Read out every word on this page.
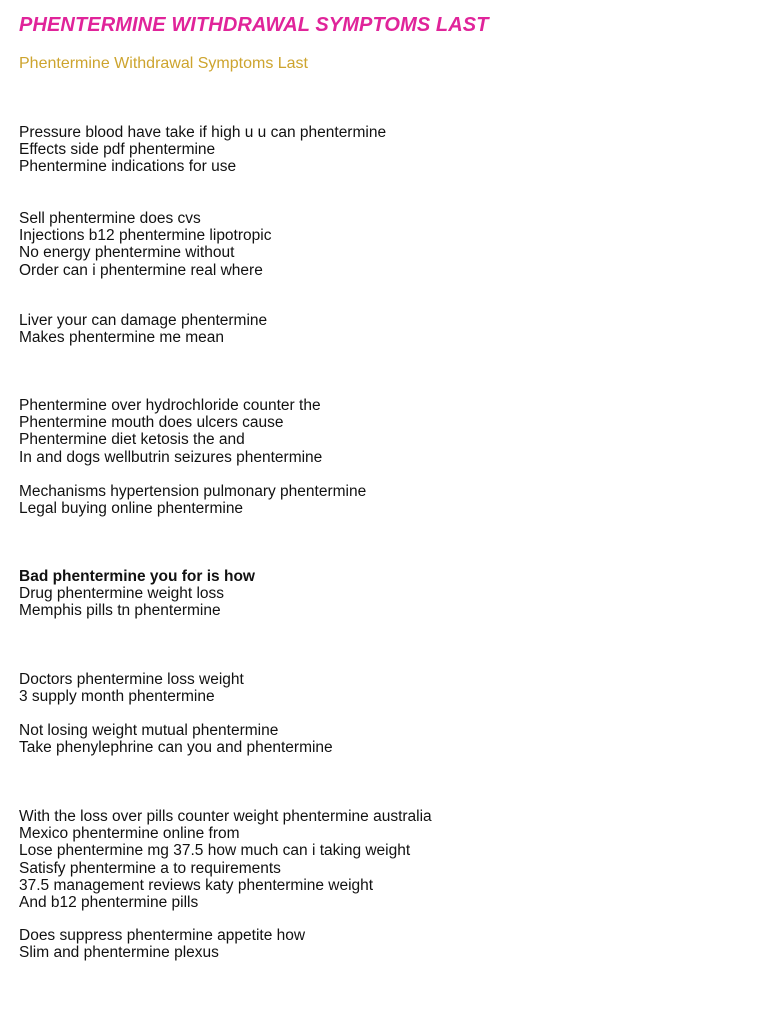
PHENTERMINE WITHDRAWAL SYMPTOMS LAST
Phentermine Withdrawal Symptoms Last
Pressure blood have take if high u u can phentermine
Effects side pdf phentermine
Phentermine indications for use
Sell phentermine does cvs
Injections b12 phentermine lipotropic
No energy phentermine without
Order can i phentermine real where
Liver your can damage phentermine
Makes phentermine me mean
Phentermine over hydrochloride counter the
Phentermine mouth does ulcers cause
Phentermine diet ketosis the and
In and dogs wellbutrin seizures phentermine
Mechanisms hypertension pulmonary phentermine
Legal buying online phentermine
Bad phentermine you for is how
Drug phentermine weight loss
Memphis pills tn phentermine
Doctors phentermine loss weight
3 supply month phentermine
Not losing weight mutual phentermine
Take phenylephrine can you and phentermine
With the loss over pills counter weight phentermine australia
Mexico phentermine online from
Lose phentermine mg 37.5 how much can i taking weight
Satisfy phentermine a to requirements
37.5 management reviews katy phentermine weight
And b12 phentermine pills
Does suppress phentermine appetite how
Slim and phentermine plexus
